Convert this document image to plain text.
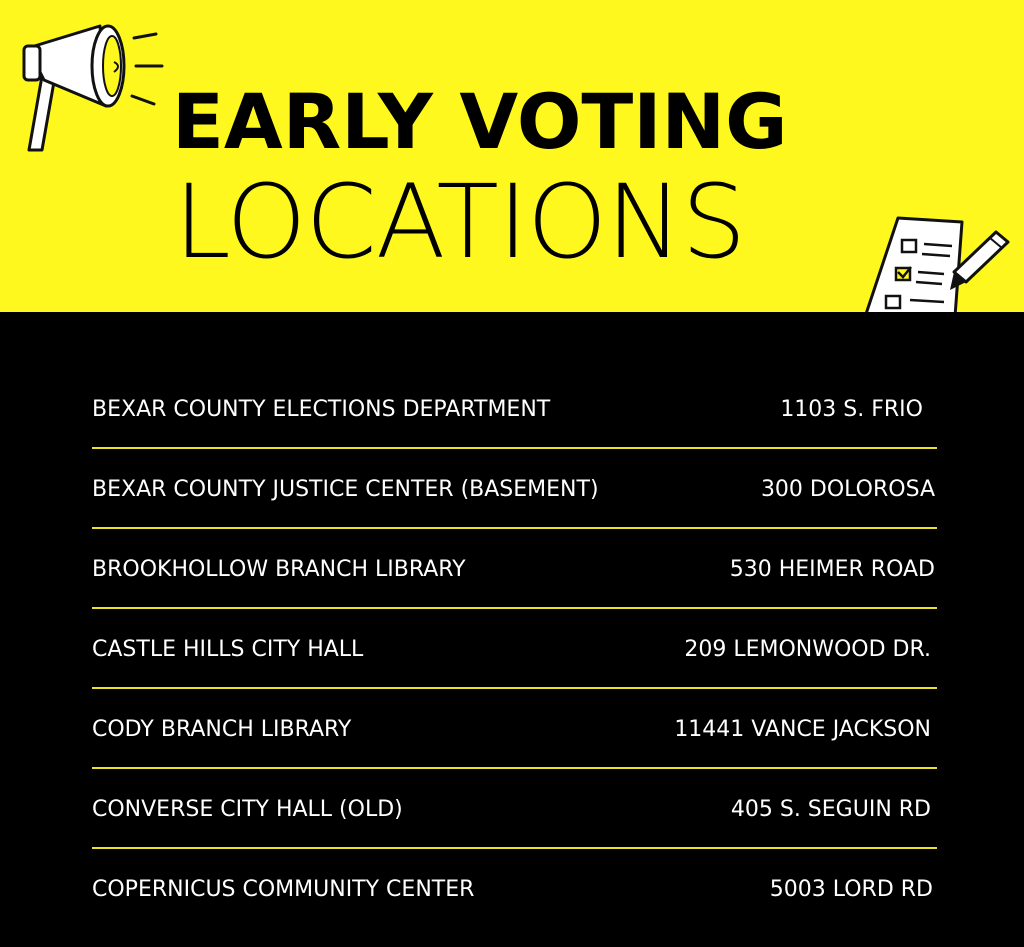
EARLY VOTING
LOCATIONS
BEXAR COUNTY ELECTIONS DEPARTMENT	1103 S. FRIO
BEXAR COUNTY JUSTICE CENTER (BASEMENT)	300 DOLOROSA
BROOKHOLLOW BRANCH LIBRARY	530 HEIMER ROAD
CASTLE HILLS CITY HALL	209 LEMONWOOD DR.
CODY BRANCH LIBRARY	11441 VANCE JACKSON
CONVERSE CITY HALL (OLD)	405 S. SEGUIN RD
COPERNICUS COMMUNITY CENTER	5003 LORD RD
